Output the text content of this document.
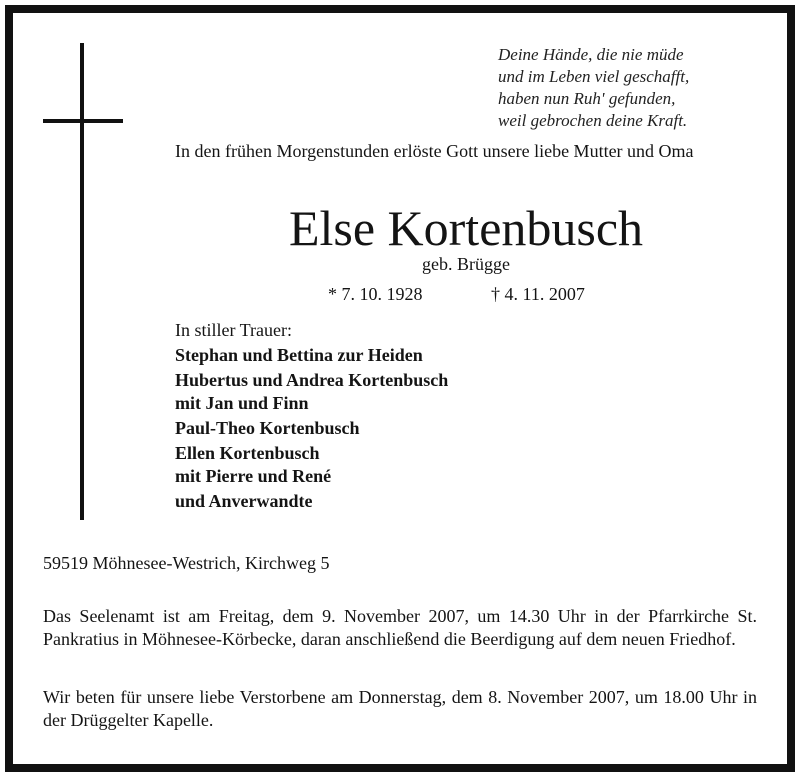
Deine Hände, die nie müde
und im Leben viel geschafft,
haben nun Ruh' gefunden,
weil gebrochen deine Kraft.
In den frühen Morgenstunden erlöste Gott unsere liebe Mutter und Oma
Else Kortenbusch
geb. Brügge
* 7. 10. 1928	† 4. 11. 2007
In stiller Trauer:
Stephan und Bettina zur Heiden
Hubertus und Andrea Kortenbusch
mit Jan und Finn
Paul-Theo Kortenbusch
Ellen Kortenbusch
mit Pierre und René
und Anverwandte
59519 Möhnesee-Westrich, Kirchweg 5
Das Seelenamt ist am Freitag, dem 9. November 2007, um 14.30 Uhr in der Pfarrkirche St. Pankratius in Möhnesee-Körbecke, daran anschließend die Beerdigung auf dem neuen Friedhof.
Wir beten für unsere liebe Verstorbene am Donnerstag, dem 8. November 2007, um 18.00 Uhr in der Drüggelter Kapelle.
